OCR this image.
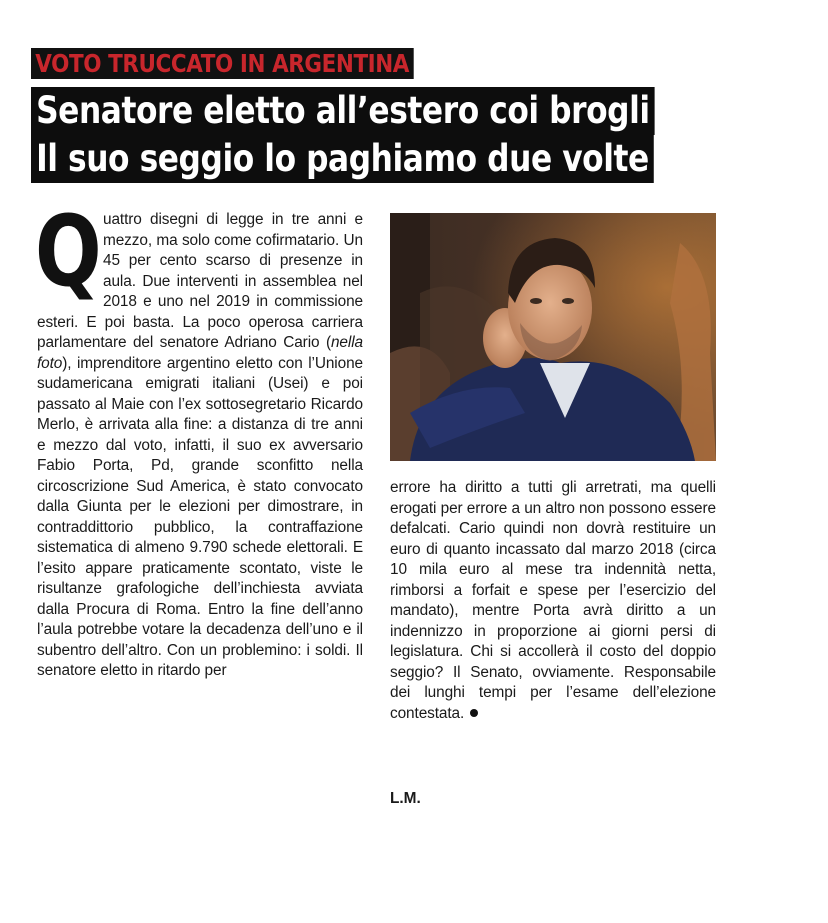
VOTO TRUCCATO IN ARGENTINA
Senatore eletto all’estero coi brogli
Il suo seggio lo paghiamo due volte
Q uattro disegni di legge in tre anni e mezzo, ma solo come cofirmatario. Un 45 per cento scarso di presenze in aula. Due interventi in assemblea nel 2018 e uno nel 2019 in commissione esteri. E poi basta. La poco operosa carriera parlamentare del senatore Adriano Cario (nella foto), imprenditore argentino eletto con l’Unione sudamericana emigrati italiani (Usei) e poi passato al Maie con l’ex sottosegretario Ricardo Merlo, è arrivata alla fine: a distanza di tre anni e mezzo dal voto, infatti, il suo ex avversario Fabio Porta, Pd, grande sconfitto nella circoscrizione Sud America, è stato convocato dalla Giunta per le elezioni per dimostrare, in contraddittorio pubblico, la contraffazione sistematica di almeno 9.790 schede elettorali. E l’esito appare praticamente scontato, viste le risultanze grafologiche dell’inchiesta avviata dalla Procura di Roma. Entro la fine dell’anno l’aula potrebbe votare la decadenza dell’uno e il subentro dell’altro. Con un problemino: i soldi. Il senatore eletto in ritardo per

errore ha diritto a tutti gli arretrati, ma quelli erogati per errore a un altro non possono essere defalcati. Cario quindi non dovrà restituire un euro di quanto incassato dal marzo 2018 (circa 10 mila euro al mese tra indennità netta, rimborsi a forfait e spese per l’esercizio del mandato), mentre Porta avrà diritto a un indennizzo in proporzione ai giorni persi di legislatura. Chi si accollerà il costo del doppio seggio? Il Senato, ovviamente. Responsabile dei lunghi tempi per l’esame dell’elezione contestata.

L.M.
